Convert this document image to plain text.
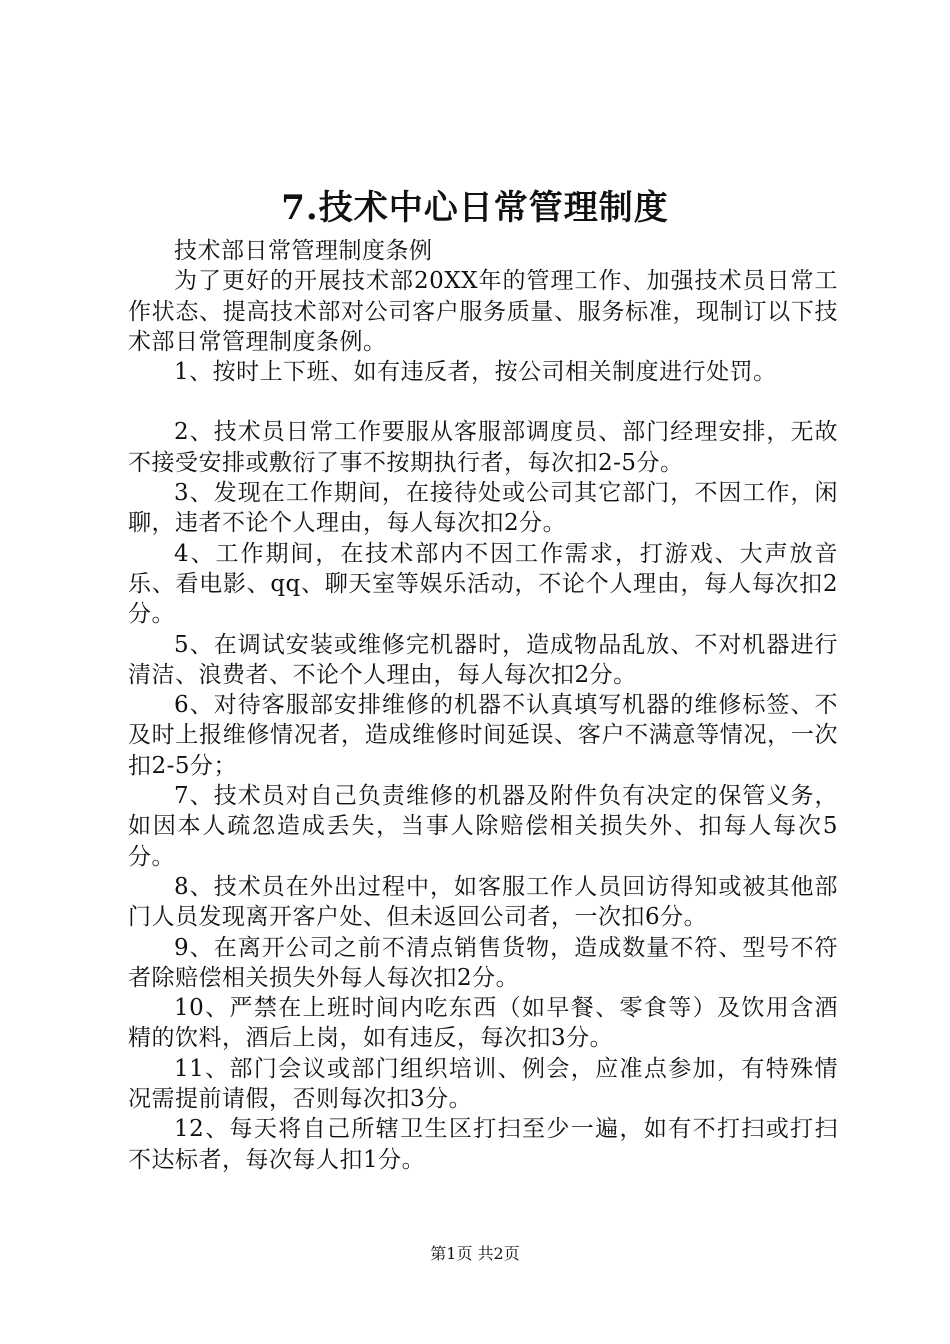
7.技术中心日常管理制度

技术部日常管理制度条例

为了更好的开展技术部20XX年的管理工作、加强技术员日常工作状态、提高技术部对公司客户服务质量、服务标准，现制订以下技术部日常管理制度条例。

1、按时上下班、如有违反者，按公司相关制度进行处罚。

2、技术员日常工作要服从客服部调度员、部门经理安排，无故不接受安排或敷衍了事不按期执行者，每次扣2-5分。

3、发现在工作期间，在接待处或公司其它部门，不因工作，闲聊，违者不论个人理由，每人每次扣2分。

4、工作期间，在技术部内不因工作需求，打游戏、大声放音乐、看电影、qq、聊天室等娱乐活动，不论个人理由，每人每次扣2分。

5、在调试安装或维修完机器时，造成物品乱放、不对机器进行清洁、浪费者、不论个人理由，每人每次扣2分。

6、对待客服部安排维修的机器不认真填写机器的维修标签、不及时上报维修情况者，造成维修时间延误、客户不满意等情况，一次扣2-5分；

7、技术员对自己负责维修的机器及附件负有决定的保管义务，如因本人疏忽造成丢失，当事人除赔偿相关损失外、扣每人每次5分。

8、技术员在外出过程中，如客服工作人员回访得知或被其他部门人员发现离开客户处、但未返回公司者，一次扣6分。

9、在离开公司之前不清点销售货物，造成数量不符、型号不符者除赔偿相关损失外每人每次扣2分。

10、严禁在上班时间内吃东西（如早餐、零食等）及饮用含酒精的饮料，酒后上岗，如有违反，每次扣3分。

11、部门会议或部门组织培训、例会，应准点参加，有特殊情况需提前请假，否则每次扣3分。

12、每天将自己所辖卫生区打扫至少一遍，如有不打扫或打扫不达标者，每次每人扣1分。

第1页 共2页
